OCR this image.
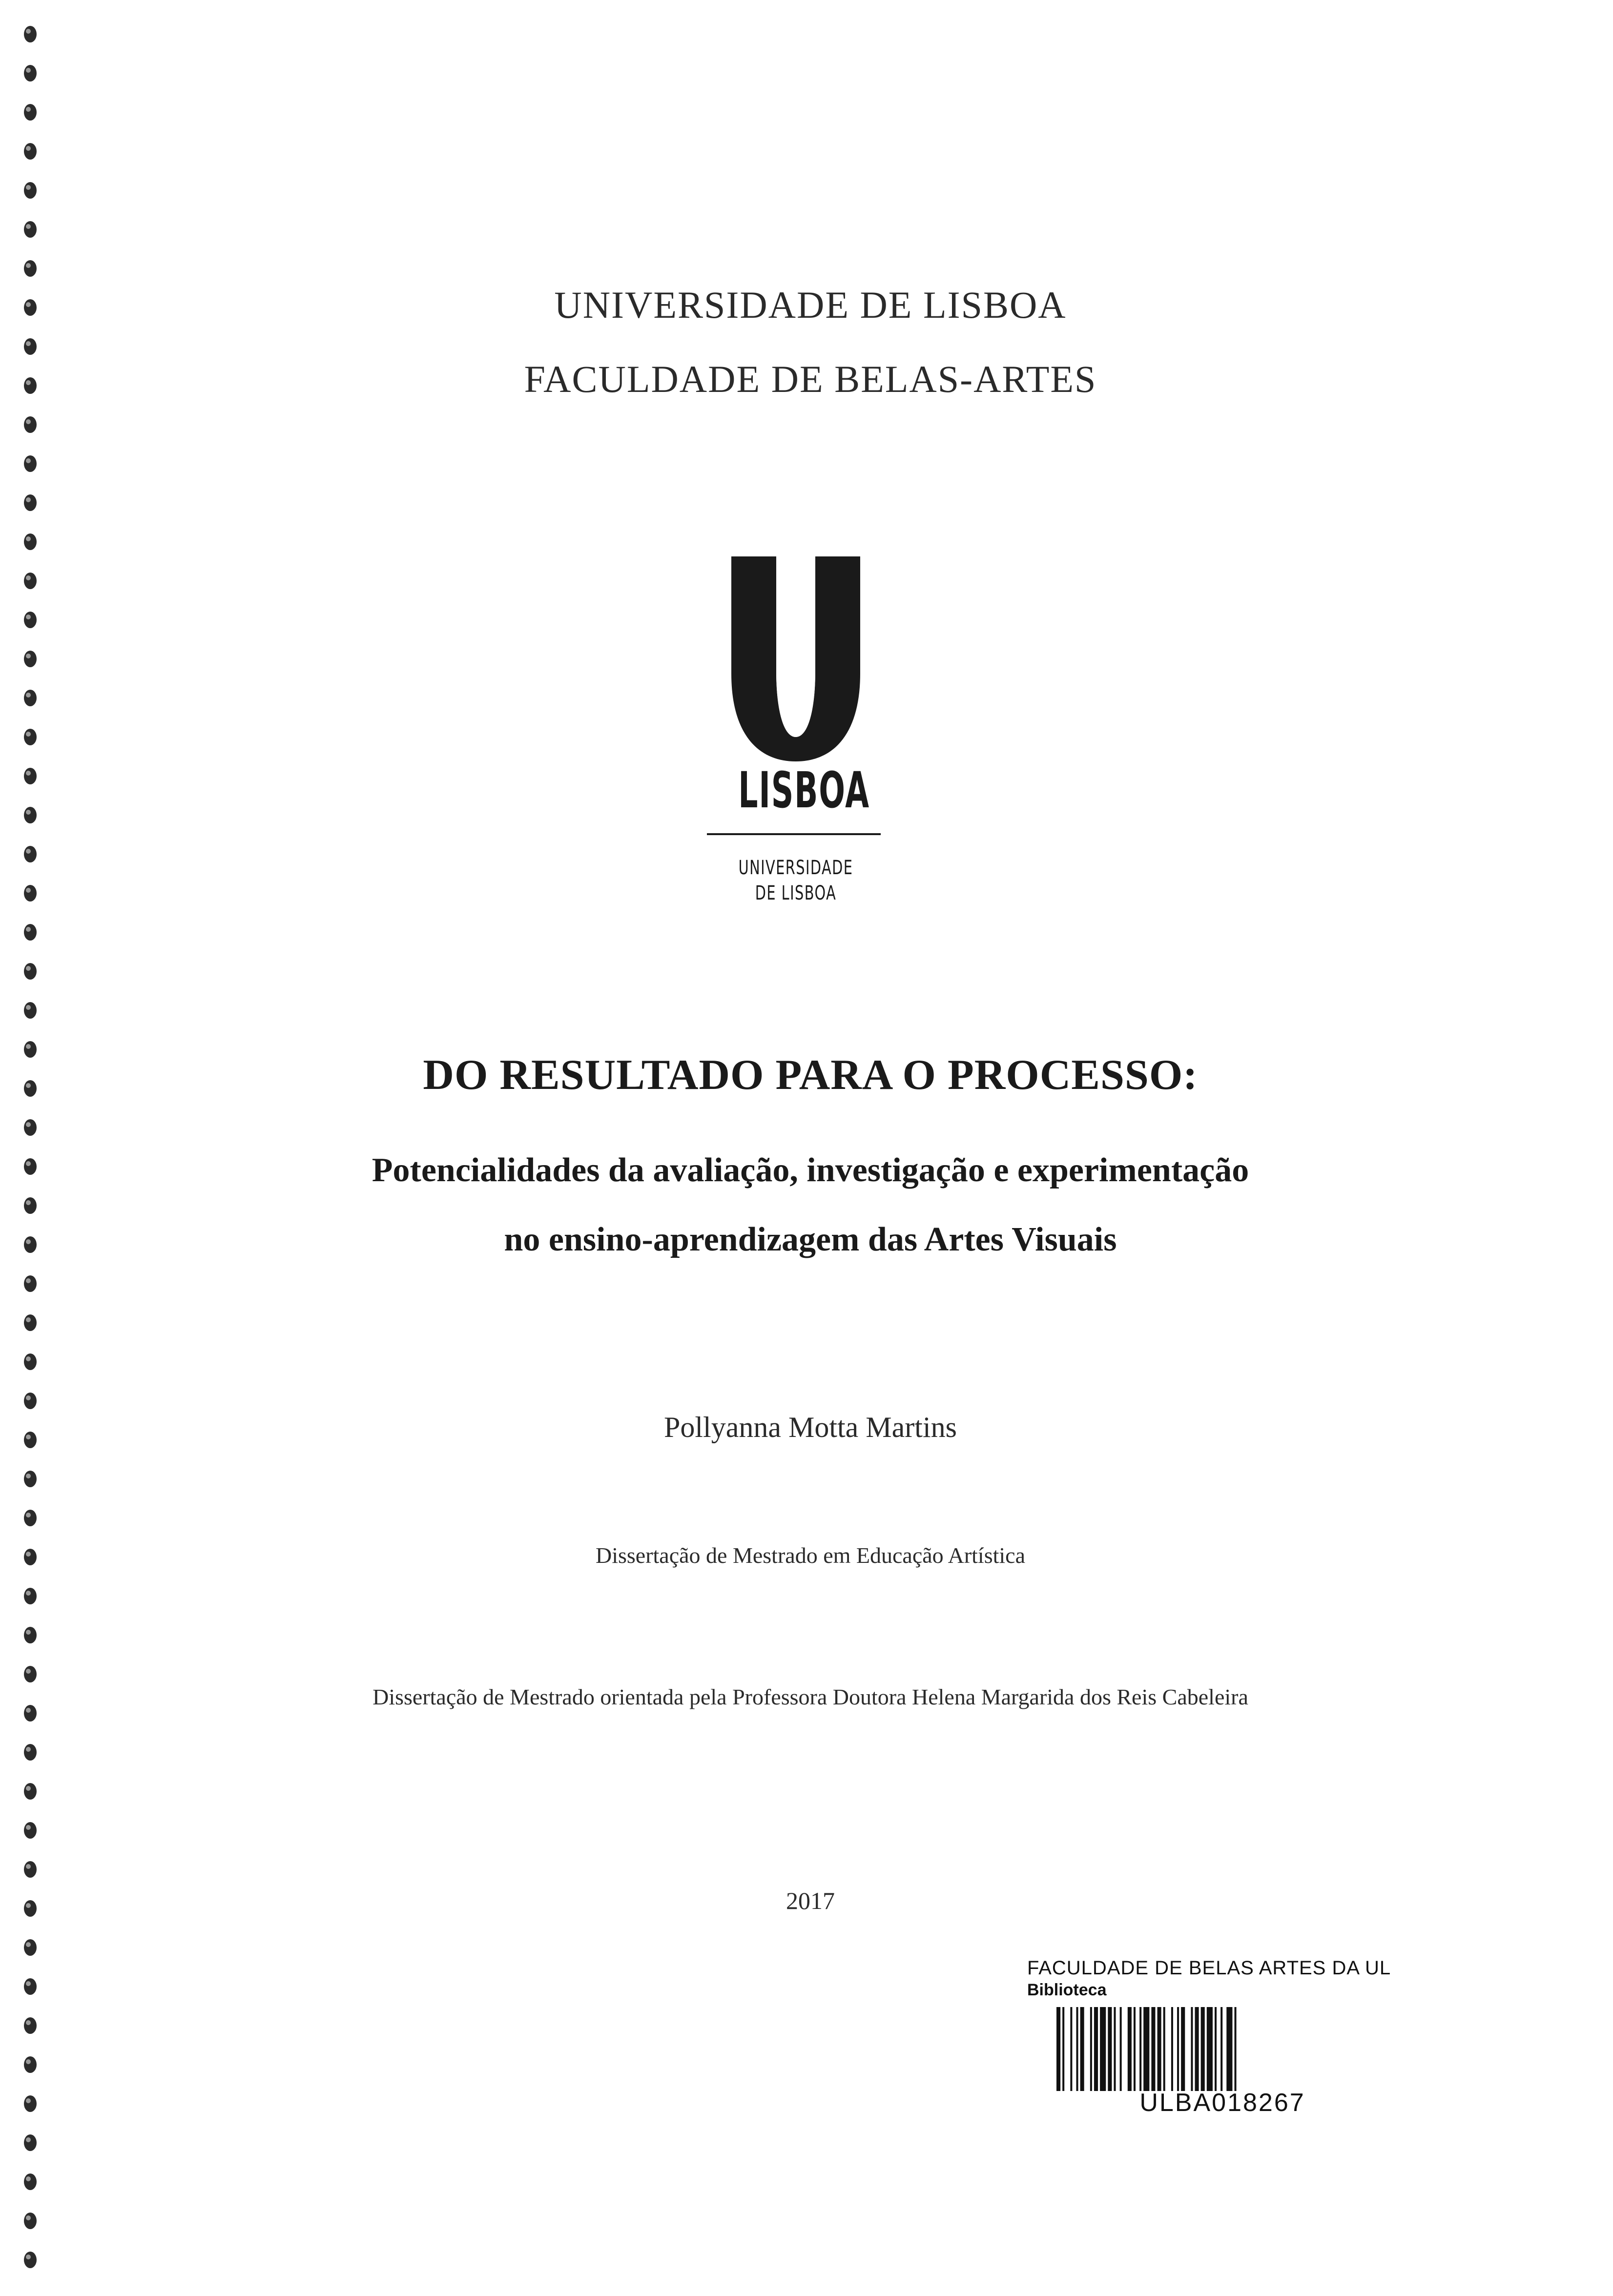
UNIVERSIDADE DE LISBOA
FACULDADE DE BELAS-ARTES
LISBOA
UNIVERSIDADE
DE LISBOA
DO RESULTADO PARA O PROCESSO:
Potencialidades da avaliação, investigação e experimentação
no ensino-aprendizagem das Artes Visuais
Pollyanna Motta Martins
Dissertação de Mestrado em Educação Artística
Dissertação de Mestrado orientada pela Professora Doutora Helena Margarida dos Reis Cabeleira
2017
FACULDADE DE BELAS ARTES DA UL
Biblioteca
ULBA018267
